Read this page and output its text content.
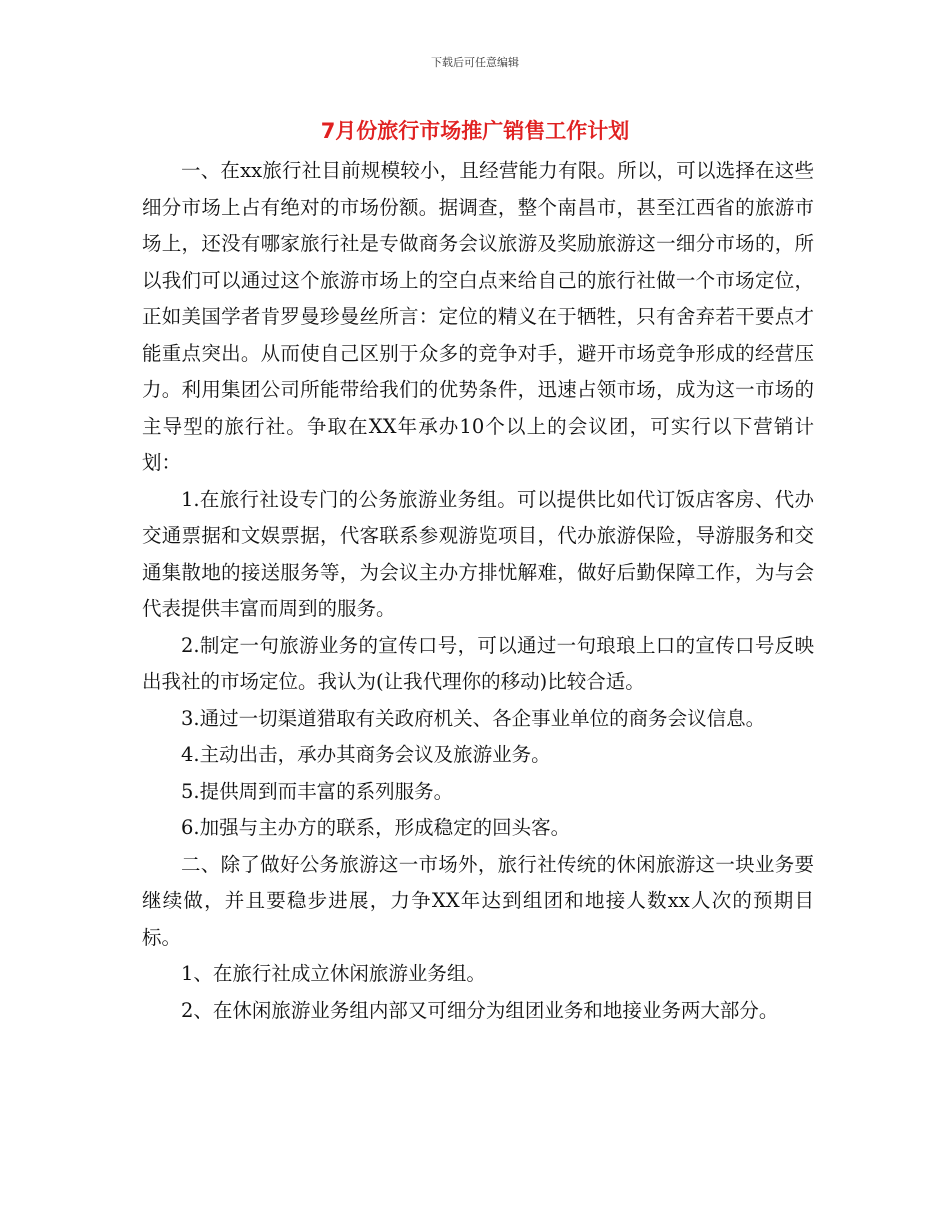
下载后可任意编辑
7月份旅行市场推广销售工作计划

一、在xx旅行社目前规模较小，且经营能力有限。所以，可以选择在这些细分市场上占有绝对的市场份额。据调查，整个南昌市，甚至江西省的旅游市场上，还没有哪家旅行社是专做商务会议旅游及奖励旅游这一细分市场的，所以我们可以通过这个旅游市场上的空白点来给自己的旅行社做一个市场定位，正如美国学者肯罗曼珍曼丝所言：定位的精义在于牺牲，只有舍弃若干要点才能重点突出。从而使自己区别于众多的竞争对手，避开市场竞争形成的经营压力。利用集团公司所能带给我们的优势条件，迅速占领市场，成为这一市场的主导型的旅行社。争取在XX年承办10个以上的会议团，可实行以下营销计划：

1.在旅行社设专门的公务旅游业务组。可以提供比如代订饭店客房、代办交通票据和文娱票据，代客联系参观游览项目，代办旅游保险，导游服务和交通集散地的接送服务等，为会议主办方排忧解难，做好后勤保障工作，为与会代表提供丰富而周到的服务。

2.制定一句旅游业务的宣传口号，可以通过一句琅琅上口的宣传口号反映出我社的市场定位。我认为(让我代理你的移动)比较合适。

3.通过一切渠道猎取有关政府机关、各企事业单位的商务会议信息。

4.主动出击，承办其商务会议及旅游业务。

5.提供周到而丰富的系列服务。

6.加强与主办方的联系，形成稳定的回头客。

二、除了做好公务旅游这一市场外，旅行社传统的休闲旅游这一块业务要继续做，并且要稳步进展，力争XX年达到组团和地接人数xx人次的预期目标。

1、在旅行社成立休闲旅游业务组。

2、在休闲旅游业务组内部又可细分为组团业务和地接业务两大部分。
